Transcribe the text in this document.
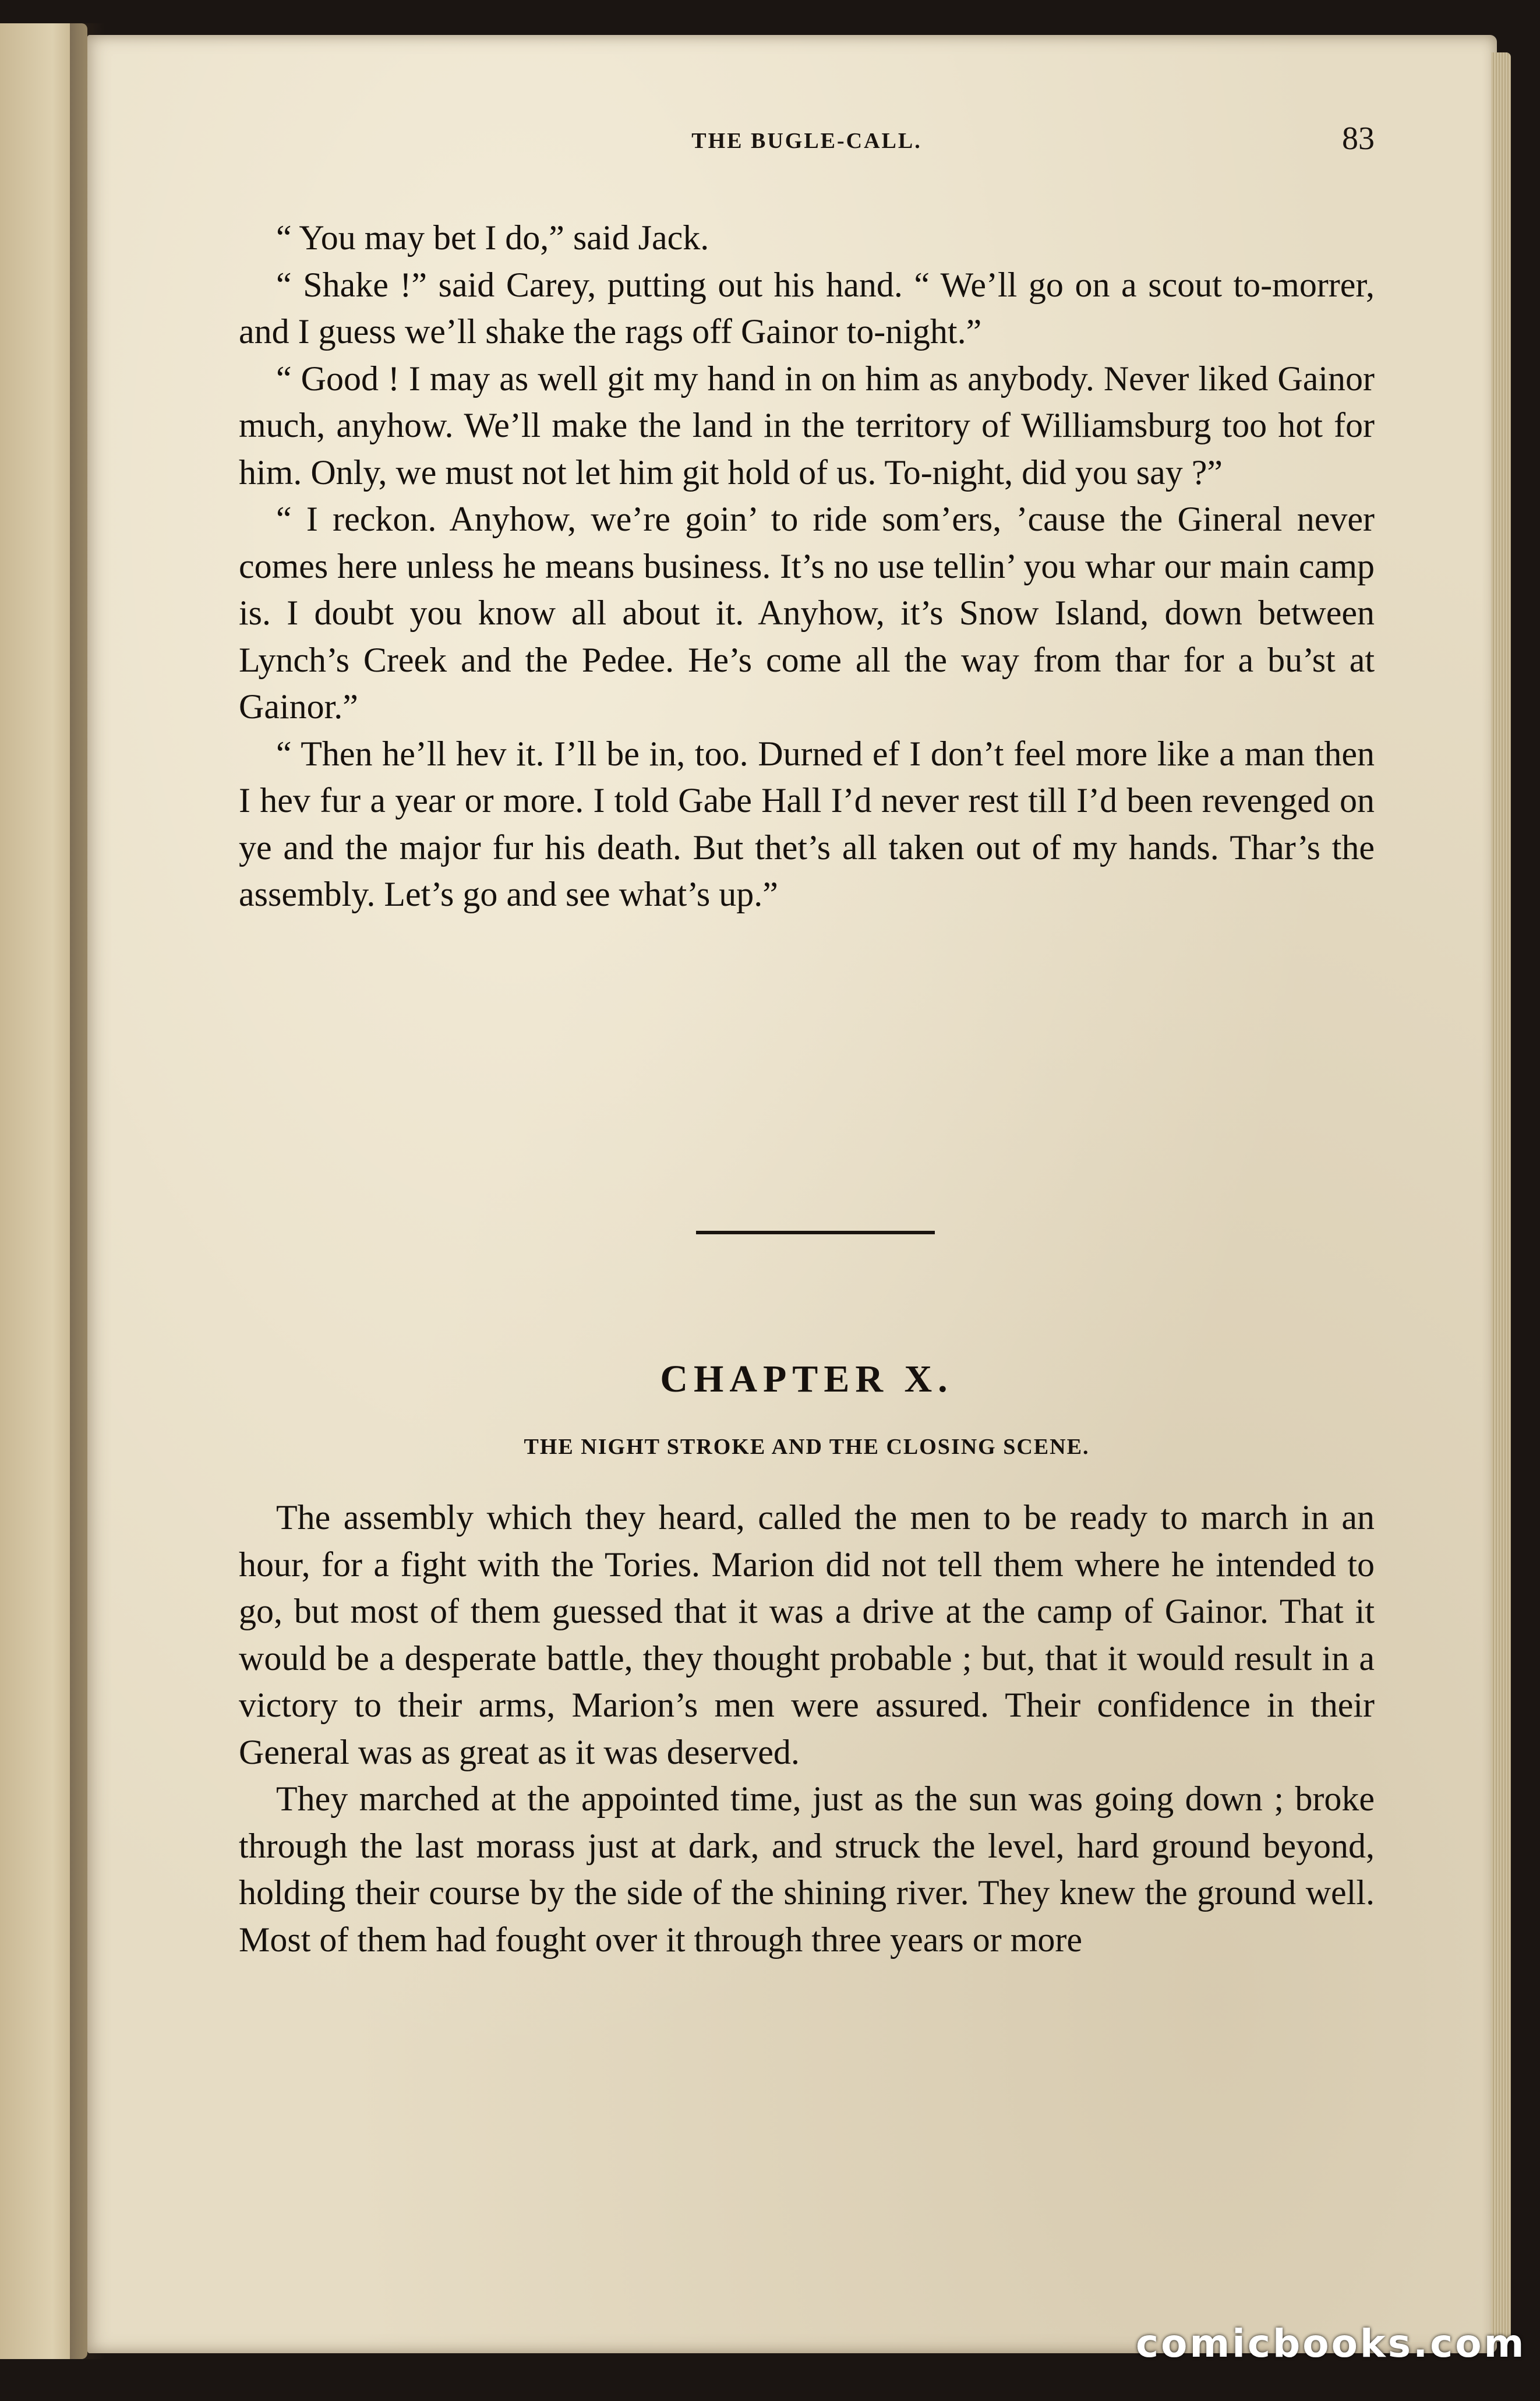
THE BUGLE-CALL.	83

“ You may bet I do,” said Jack.

“ Shake !” said Carey, putting out his hand. “ We’ll go on a scout to-morrer, and I guess we’ll shake the rags off Gainor to-night.”

“ Good ! I may as well git my hand in on him as anybody. Never liked Gainor much, anyhow. We’ll make the land in the territory of Williamsburg too hot for him. Only, we must not let him git hold of us. To-night, did you say ?”

“ I reckon. Anyhow, we’re goin’ to ride som’ers, ’cause the Gineral never comes here unless he means business. It’s no use tellin’ you whar our main camp is. I doubt you know all about it. Anyhow, it’s Snow Island, down between Lynch’s Creek and the Pedee. He’s come all the way from thar for a bu’st at Gainor.”

“ Then he’ll hev it. I’ll be in, too. Durned ef I don’t feel more like a man then I hev fur a year or more. I told Gabe Hall I’d never rest till I’d been revenged on ye and the major fur his death. But thet’s all taken out of my hands. Thar’s the assembly. Let’s go and see what’s up.”

CHAPTER X.
THE NIGHT STROKE AND THE CLOSING SCENE.

The assembly which they heard, called the men to be ready to march in an hour, for a fight with the Tories. Marion did not tell them where he intended to go, but most of them guessed that it was a drive at the camp of Gainor. That it would be a desperate battle, they thought probable ; but, that it would result in a victory to their arms, Marion’s men were assured. Their confidence in their General was as great as it was deserved.

They marched at the appointed time, just as the sun was going down ; broke through the last morass just at dark, and struck the level, hard ground beyond, holding their course by the side of the shining river. They knew the ground well. Most of them had fought over it through three years or more

comicbooks.com
